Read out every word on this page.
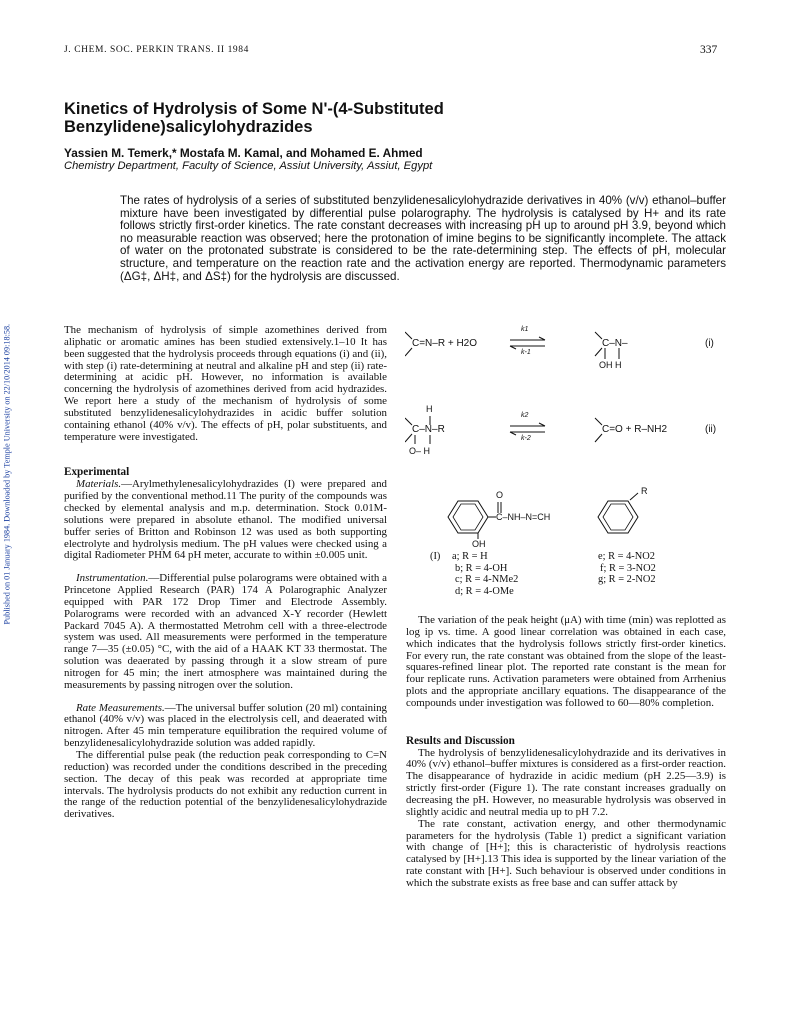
Published on 01 January 1984. Downloaded by Temple University on 22/10/2014 09:18:58.
J. CHEM. SOC. PERKIN TRANS. II 1984	337
Kinetics of Hydrolysis of Some N'-(4-Substituted Benzylidene)salicylohydrazides
Yassien M. Temerk,* Mostafa M. Kamal, and Mohamed E. Ahmed
Chemistry Department, Faculty of Science, Assiut University, Assiut, Egypt
The rates of hydrolysis of a series of substituted benzylidenesalicylohydrazide derivatives in 40% (v/v) ethanol–buffer mixture have been investigated by differential pulse polarography. The hydrolysis is catalysed by H+ and its rate follows strictly first-order kinetics. The rate constant decreases with increasing pH up to around pH 3.9, beyond which no measurable reaction was observed; here the protonation of imine begins to be significantly incomplete. The attack of water on the protonated substrate is considered to be the rate-determining step. The effects of pH, molecular structure, and temperature on the reaction rate and the activation energy are reported. Thermodynamic parameters (ΔG‡, ΔH‡, and ΔS‡) for the hydrolysis are discussed.

The mechanism of hydrolysis of simple azomethines derived from aliphatic or aromatic amines has been studied extensively.1–10 It has been suggested that the hydrolysis proceeds through equations (i) and (ii), with step (i) rate-determining at neutral and alkaline pH and step (ii) rate-determining at acidic pH. However, no information is available concerning the hydrolysis of azomethines derived from acid hydrazides. We report here a study of the mechanism of hydrolysis of some substituted benzylidenesalicylohydrazides in acidic buffer solution containing ethanol (40% v/v). The effects of pH, polar substituents, and temperature were investigated.

Experimental

Materials.—Arylmethylenesalicylohydrazides (I) were prepared and purified by the conventional method.11 The purity of the compounds was checked by elemental analysis and m.p. determination. Stock 0.01M-solutions were prepared in absolute ethanol. The modified universal buffer series of Britton and Robinson 12 was used as both supporting electrolyte and hydrolysis medium. The pH values were checked using a digital Radiometer PHM 64 pH meter, accurate to within ±0.005 unit.

Instrumentation.—Differential pulse polarograms were obtained with a Princetone Applied Research (PAR) 174 A Polarographic Analyzer equipped with PAR 172 Drop Timer and Electrode Assembly. Polarograms were recorded with an advanced X-Y recorder (Hewlett Packard 7045 A). A thermostatted Metrohm cell with a three-electrode system was used. All measurements were performed in the temperature range 7—35 (±0.05) °C, with the aid of a HAAK KT 33 thermostat. The solution was deaerated by passing through it a slow stream of pure nitrogen for 45 min; the inert atmosphere was maintained during the measurements by passing nitrogen over the solution.

Rate Measurements.—The universal buffer solution (20 ml) containing ethanol (40% v/v) was placed in the electrolysis cell, and deaerated with nitrogen. After 45 min temperature equilibration the required volume of benzylidenesalicylohydrazide solution was added rapidly.

The differential pulse peak (the reduction peak corresponding to C=N reduction) was recorded under the conditions described in the preceding section. The decay of this peak was recorded at appropriate time intervals. The hydrolysis products do not exhibit any reduction current in the range of the reduction potential of the benzylidenesalicylohydrazide derivatives.

C=N–R + H2O
k1
k-1
C–N–
OH H
(i)
H
C–N–R
O– H
k2
k-2
C=O + R–NH2	(ii)
O
C–NH–N=CH
OH
R
(I) a; R = H
b; R = 4-OH
c; R = 4-NMe2
d; R = 4-OMe
e; R = 4-NO2
f; R = 3-NO2
g; R = 2-NO2

The variation of the peak height (μA) with time (min) was replotted as log ip vs. time. A good linear correlation was obtained in each case, which indicates that the hydrolysis follows strictly first-order kinetics. For every run, the rate constant was obtained from the slope of the least-squares-refined linear plot. The reported rate constant is the mean for four replicate runs. Activation parameters were obtained from Arrhenius plots and the appropriate ancillary equations. The disappearance of the compounds under investigation was followed to 60—80% completion.

Results and Discussion

The hydrolysis of benzylidenesalicylohydrazide and its derivatives in 40% (v/v) ethanol–buffer mixtures is considered as a first-order reaction. The disappearance of hydrazide in acidic medium (pH 2.25—3.9) is strictly first-order (Figure 1). The rate constant increases gradually on decreasing the pH. However, no measurable hydrolysis was observed in slightly acidic and neutral media up to pH 7.2.

The rate constant, activation energy, and other thermodynamic parameters for the hydrolysis (Table 1) predict a significant variation with change of [H+]; this is characteristic of hydrolysis reactions catalysed by [H+].13 This idea is supported by the linear variation of the rate constant with [H+]. Such behaviour is observed under conditions in which the substrate exists as free base and can suffer attack by
